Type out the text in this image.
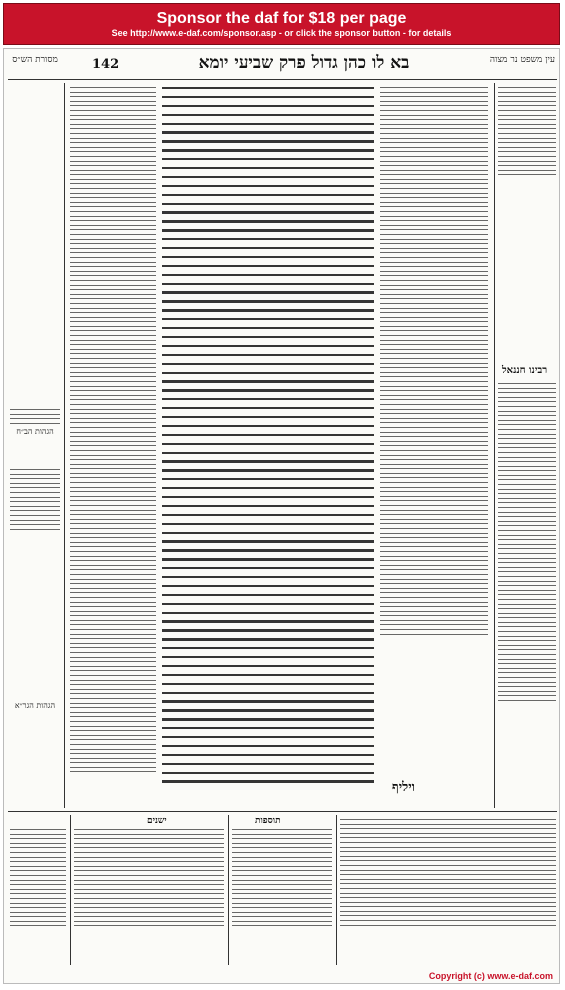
Sponsor the daf for $18 per page
See http://www.e-daf.com/sponsor.asp - or click the sponsor button - for details
מסורת הש״ס	142	בא לו כהן גדול פרק שביעי יומא	עין משפט נר מצוה
הגהות הב״ח
הגהות הגר״א
ויליף
רבינו חננאל
תוספות
ישנים
Copyright (c) www.e-daf.com
